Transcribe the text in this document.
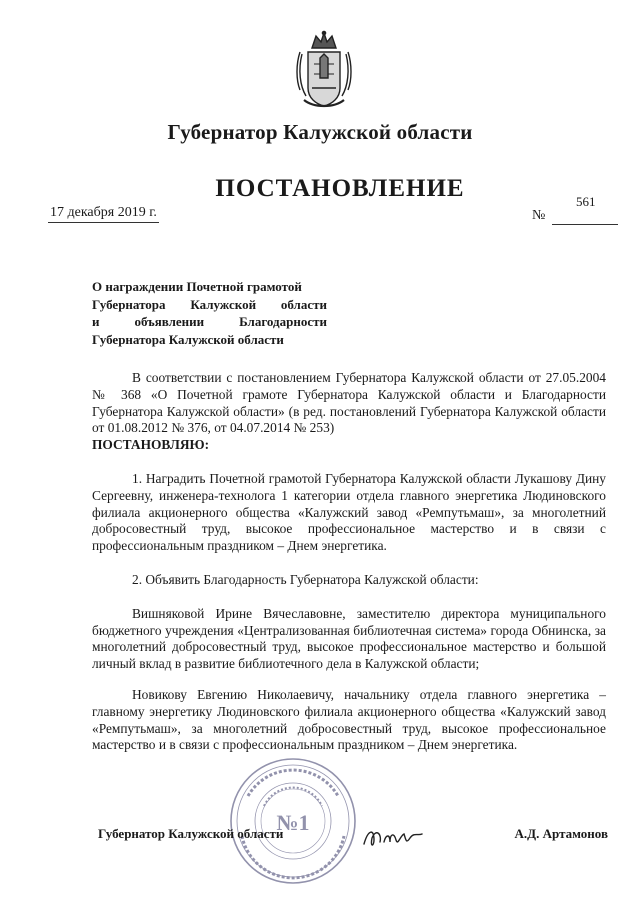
Губернатор Калужской области
ПОСТАНОВЛЕНИЕ
17 декабря 2019 г.	№
561
О награждении Почетной грамотой
Губернатора Калужской области
и объявлении Благодарности
Губернатора Калужской области

В соответствии с постановлением Губернатора Калужской области от 27.05.2004 № 368 «О Почетной грамоте Губернатора Калужской области и Благодарности Губернатора Калужской области» (в ред. постановлений Губернатора Калужской области от 01.08.2012 № 376, от 04.07.2014 № 253)

ПОСТАНОВЛЯЮ:

1. Наградить Почетной грамотой Губернатора Калужской области Лукашову Дину Сергеевну, инженера-технолога 1 категории отдела главного энергетика Людиновского филиала акционерного общества «Калужский завод «Ремпутьмаш», за многолетний добросовестный труд, высокое профессиональное мастерство и в связи с профессиональным праздником – Днем энергетика.

2. Объявить Благодарность Губернатора Калужской области:

Вишняковой Ирине Вячеславовне, заместителю директора муниципального бюджетного учреждения «Централизованная библиотечная система» города Обнинска, за многолетний добросовестный труд, высокое профессиональное мастерство и большой личный вклад в развитие библиотечного дела в Калужской области;

Новикову Евгению Николаевичу, начальнику отдела главного энергетика – главному энергетику Людиновского филиала акционерного общества «Калужский завод «Ремпутьмаш», за многолетний добросовестный труд, высокое профессиональное мастерство и в связи с профессиональным праздником – Днем энергетика.

№1
Губернатор Калужской области	А.Д. Артамонов
